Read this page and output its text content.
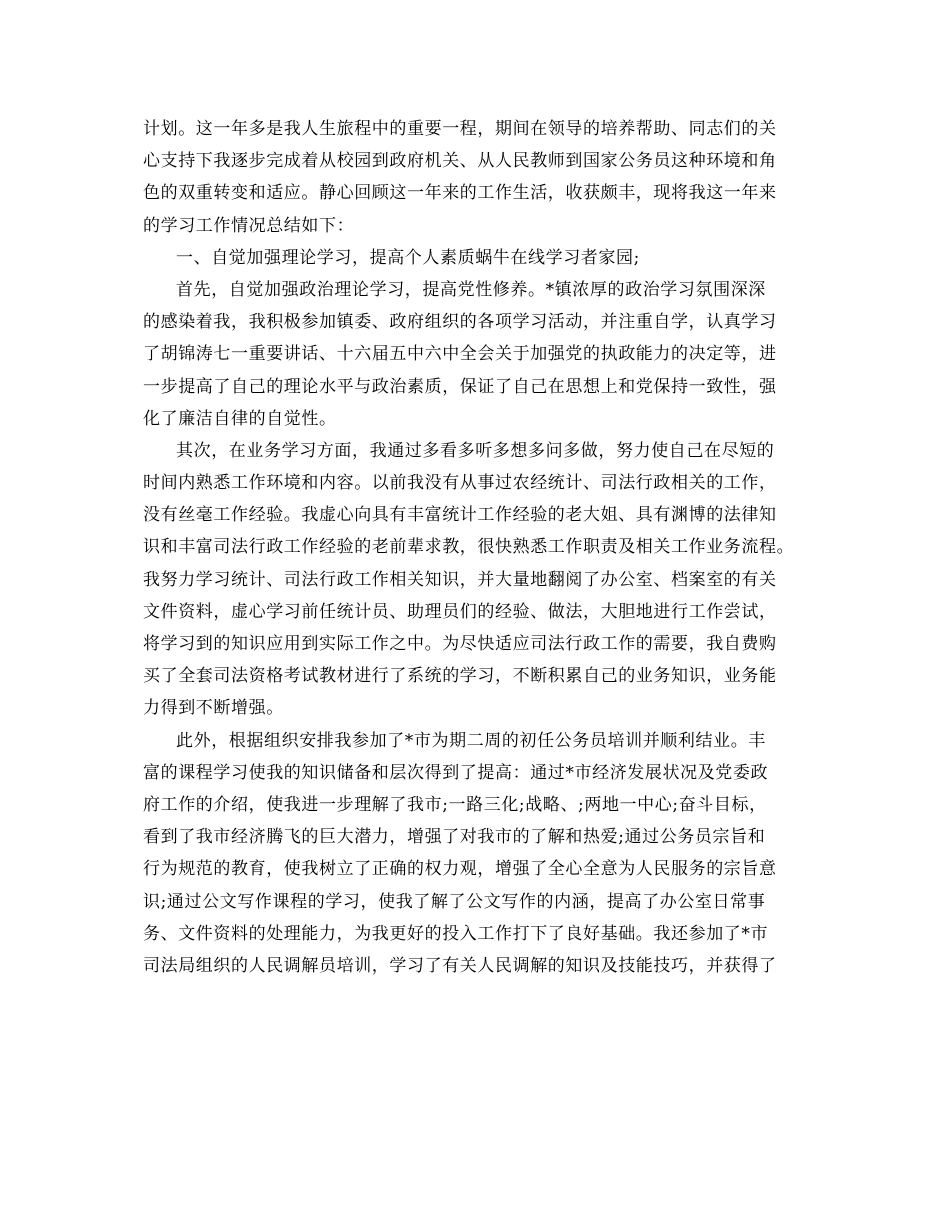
计划。这一年多是我人生旅程中的重要一程，期间在领导的培养帮助、同志们的关
心支持下我逐步完成着从校园到政府机关、从人民教师到国家公务员这种环境和角
色的双重转变和适应。静心回顾这一年来的工作生活，收获颇丰，现将我这一年来
的学习工作情况总结如下：
一、自觉加强理论学习，提高个人素质蜗牛在线学习者家园;
首先，自觉加强政治理论学习，提高党性修养。*镇浓厚的政治学习氛围深深
的感染着我，我积极参加镇委、政府组织的各项学习活动，并注重自学，认真学习
了胡锦涛七一重要讲话、十六届五中六中全会关于加强党的执政能力的决定等，进
一步提高了自己的理论水平与政治素质，保证了自己在思想上和党保持一致性，强
化了廉洁自律的自觉性。
其次，在业务学习方面，我通过多看多听多想多问多做，努力使自己在尽短的
时间内熟悉工作环境和内容。以前我没有从事过农经统计、司法行政相关的工作，
没有丝毫工作经验。我虚心向具有丰富统计工作经验的老大姐、具有渊博的法律知
识和丰富司法行政工作经验的老前辈求教，很快熟悉工作职责及相关工作业务流程。
我努力学习统计、司法行政工作相关知识，并大量地翻阅了办公室、档案室的有关
文件资料，虚心学习前任统计员、助理员们的经验、做法，大胆地进行工作尝试，
将学习到的知识应用到实际工作之中。为尽快适应司法行政工作的需要，我自费购
买了全套司法资格考试教材进行了系统的学习，不断积累自己的业务知识，业务能
力得到不断增强。
此外，根据组织安排我参加了*市为期二周的初任公务员培训并顺利结业。丰
富的课程学习使我的知识储备和层次得到了提高：通过*市经济发展状况及党委政
府工作的介绍，使我进一步理解了我市;一路三化;战略、;两地一中心;奋斗目标，
看到了我市经济腾飞的巨大潜力，增强了对我市的了解和热爱;通过公务员宗旨和
行为规范的教育，使我树立了正确的权力观，增强了全心全意为人民服务的宗旨意
识;通过公文写作课程的学习，使我了解了公文写作的内涵，提高了办公室日常事
务、文件资料的处理能力，为我更好的投入工作打下了良好基础。我还参加了*市
司法局组织的人民调解员培训，学习了有关人民调解的知识及技能技巧，并获得了
